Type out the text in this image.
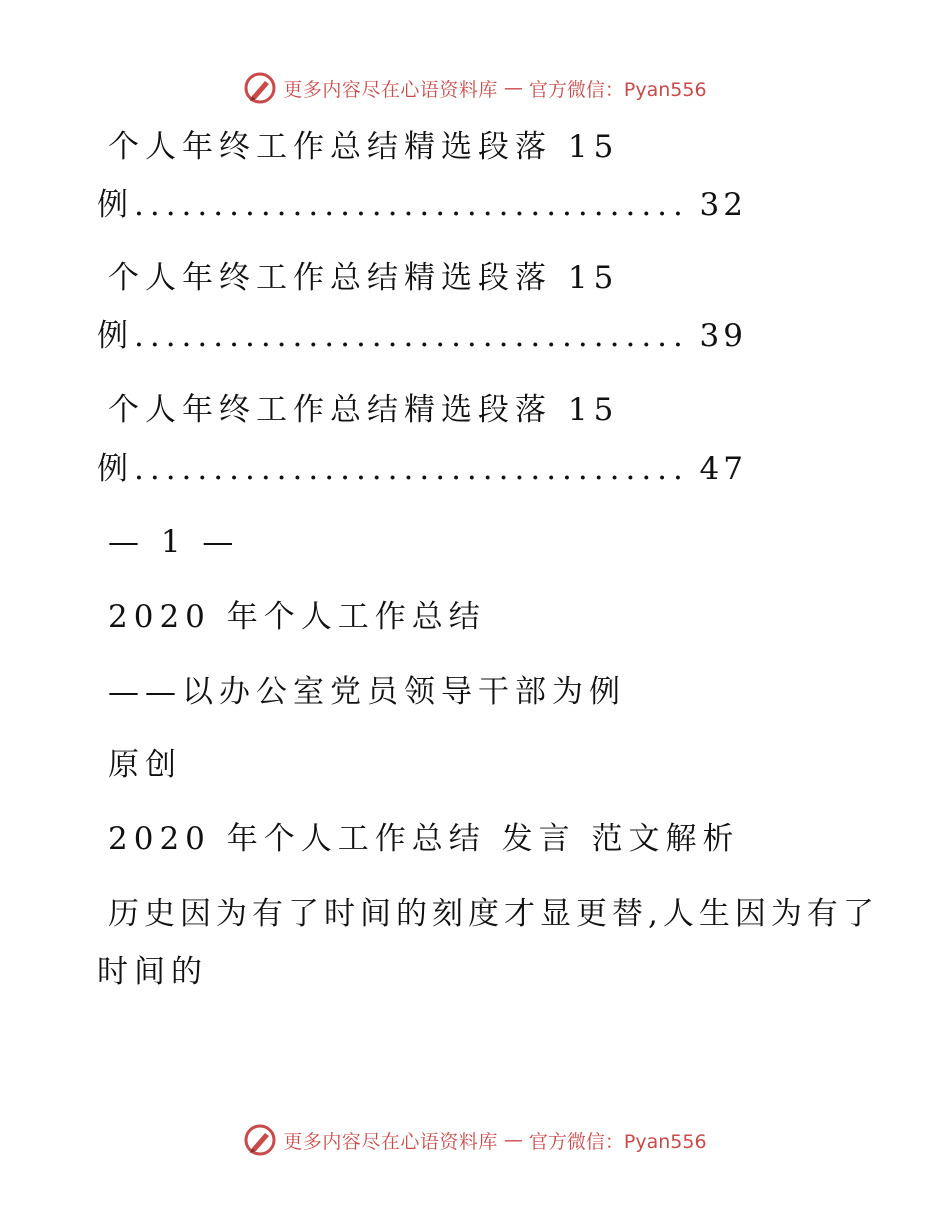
更多内容尽在心语资料库 — 官方微信：Pyan556
个人年终工作总结精选段落 15
例 ................................... 32
个人年终工作总结精选段落 15
例 ................................... 39
个人年终工作总结精选段落 15
例 ................................... 47
— 1 —
2020 年个人工作总结
——以办公室党员领导干部为例
原创
2020 年个人工作总结 发言 范文解析
历史因为有了时间的刻度才显更替,人生因为有了
时间的
更多内容尽在心语资料库 — 官方微信：Pyan556
